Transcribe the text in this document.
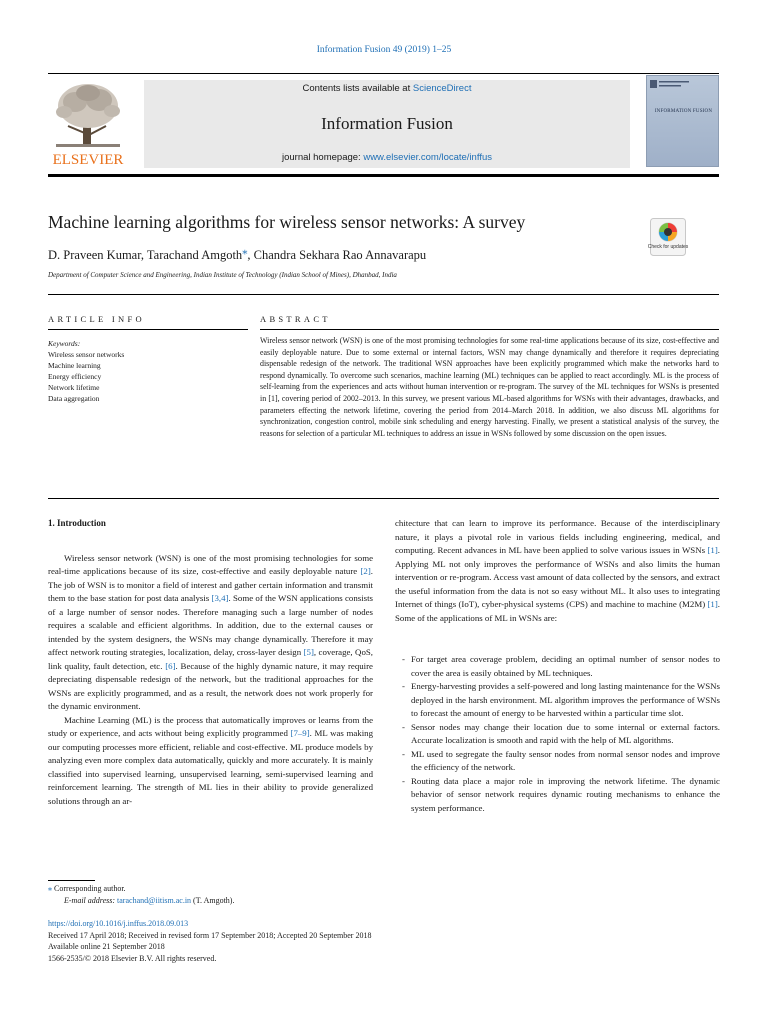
Information Fusion 49 (2019) 1–25
ELSEVIER
Contents lists available at ScienceDirect
Information Fusion
journal homepage: www.elsevier.com/locate/inffus
INFORMATION FUSION
Machine learning algorithms for wireless sensor networks: A survey
Check for updates
D. Praveen Kumar, Tarachand Amgoth⁎, Chandra Sekhara Rao Annavarapu
Department of Computer Science and Engineering, Indian Institute of Technology (Indian School of Mines), Dhanbad, India
ARTICLE INFO
Keywords:
Wireless sensor networks
Machine learning
Energy efficiency
Network lifetime
Data aggregation
ABSTRACT
Wireless sensor network (WSN) is one of the most promising technologies for some real-time applications because of its size, cost-effective and easily deployable nature. Due to some external or internal factors, WSN may change dynamically and therefore it requires depreciating dispensable redesign of the network. The traditional WSN approaches have been explicitly programmed which make the networks hard to respond dynamically. To overcome such scenarios, machine learning (ML) techniques can be applied to react accordingly. ML is the process of self-learning from the experiences and acts without human intervention or re-program. The survey of the ML techniques for WSNs is presented in [1], covering period of 2002–2013. In this survey, we present various ML-based algorithms for WSNs with their advantages, drawbacks, and parameters effecting the network lifetime, covering the period from 2014–March 2018. In addition, we also discuss ML algorithms for synchronization, congestion control, mobile sink scheduling and energy harvesting. Finally, we present a statistical analysis of the survey, the reasons for selection of a particular ML techniques to address an issue in WSNs followed by some discussion on the open issues.
1. Introduction

Wireless sensor network (WSN) is one of the most promising technologies for some real-time applications because of its size, cost-effective and easily deployable nature [2]. The job of WSN is to monitor a field of interest and gather certain information and transmit them to the base station for post data analysis [3,4]. Some of the WSN applications consists of a large number of sensor nodes. Therefore managing such a large number of nodes requires a scalable and efficient algorithms. In addition, due to the external causes or intended by the system designers, the WSNs may change dynamically. Therefore it may affect network routing strategies, localization, delay, cross-layer design [5], coverage, QoS, link quality, fault detection, etc. [6]. Because of the highly dynamic nature, it may require depreciating dispensable redesign of the network, but the traditional approaches for the WSNs are explicitly programmed, and as a result, the network does not work properly for the dynamic environment.

Machine Learning (ML) is the process that automatically improves or learns from the study or experience, and acts without being explicitly programmed [7–9]. ML was making our computing processes more efficient, reliable and cost-effective. ML produce models by analyzing even more complex data automatically, quickly and more accurately. It is mainly classified into supervised learning, unsupervised learning, semi-supervised learning and reinforcement learning. The strength of ML lies in their ability to provide generalized solutions through an ar-

chitecture that can learn to improve its performance. Because of the interdisciplinary nature, it plays a pivotal role in various fields including engineering, medical, and computing. Recent advances in ML have been applied to solve various issues in WSNs [1]. Applying ML not only improves the performance of WSNs and also limits the human intervention or re-program. Access vast amount of data collected by the sensors, and extract the useful information from the data is not so easy without ML. It also uses to integrating Internet of things (IoT), cyber-physical systems (CPS) and machine to machine (M2M) [1]. Some of the applications of ML in WSNs are:

- For target area coverage problem, deciding an optimal number of sensor nodes to cover the area is easily obtained by ML techniques.
- Energy-harvesting provides a self-powered and long lasting maintenance for the WSNs deployed in the harsh environment. ML algorithm improves the performance of WSNs to forecast the amount of energy to be harvested within a particular time slot.
- Sensor nodes may change their location due to some internal or external factors. Accurate localization is smooth and rapid with the help of ML algorithms.
- ML used to segregate the faulty sensor nodes from normal sensor nodes and improve the efficiency of the network.
- Routing data place a major role in improving the network lifetime. The dynamic behavior of sensor network requires dynamic routing mechanisms to enhance the system performance.
⁎ Corresponding author.
E-mail address: tarachand@iitism.ac.in (T. Amgoth).
https://doi.org/10.1016/j.inffus.2018.09.013
Received 17 April 2018; Received in revised form 17 September 2018; Accepted 20 September 2018
Available online 21 September 2018
1566-2535/© 2018 Elsevier B.V. All rights reserved.
